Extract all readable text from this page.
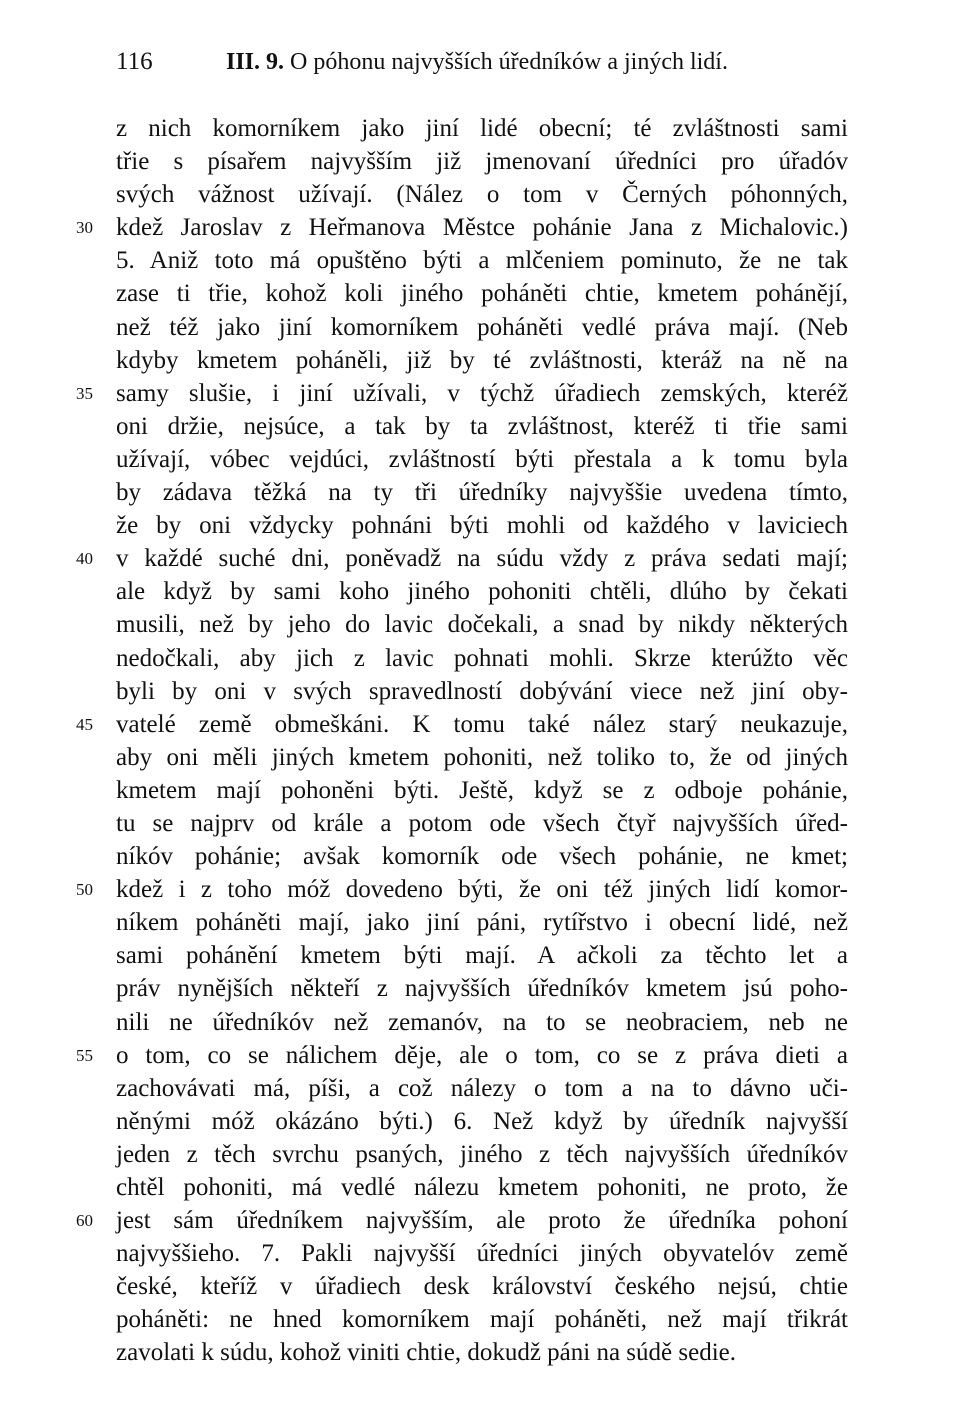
116	III. 9. O póhonu najvyšších úředníków a jiných lidí.
z nich komorníkem jako jiní lidé obecní; té zvláštnosti sami
třie s písařem najvyšším již jmenovaní úředníci pro úřadóv
svých vážnost užívají. (Nález o tom v Černých póhonných,
30 kdež Jaroslav z Heřmanova Městce pohánie Jana z Michalovic.)
5. Aniž toto má opuštěno býti a mlčeniem pominuto, že ne tak
zase ti třie, kohož koli jiného poháněti chtie, kmetem pohánějí,
než též jako jiní komorníkem poháněti vedlé práva mají. (Neb
kdyby kmetem poháněli, již by té zvláštnosti, kteráž na ně na
35 samy slušie, i jiní užívali, v týchž úřadiech zemských, kteréž
oni držie, nejsúce, a tak by ta zvláštnost, kteréž ti třie sami
užívají, vóbec vejdúci, zvláštností býti přestala a k tomu byla
by zádava těžká na ty tři úředníky najvyššie uvedena tímto,
že by oni vždycky pohnáni býti mohli od každého v laviciech
40 v každé suché dni, poněvadž na súdu vždy z práva sedati mají;
ale když by sami koho jiného pohoniti chtěli, dlúho by čekati
musili, než by jeho do lavic dočekali, a snad by nikdy některých
nedočkali, aby jich z lavic pohnati mohli. Skrze kterúžto věc
byli by oni v svých spravedlností dobývání viece než jiní oby-
45 vatelé země obmeškáni. K tomu také nález starý neukazuje,
aby oni měli jiných kmetem pohoniti, než toliko to, že od jiných
kmetem mají pohoněni býti. Ještě, když se z odboje pohánie,
tu se najprv od krále a potom ode všech čtyř najvyšších úřed-
níkóv pohánie; avšak komorník ode všech pohánie, ne kmet;
50 kdež i z toho móž dovedeno býti, že oni též jiných lidí komor-
níkem poháněti mají, jako jiní páni, rytířstvo i obecní lidé, než
sami pohánění kmetem býti mají. A ačkoli za těchto let a
práv nynějších někteří z najvyšších úředníkóv kmetem jsú poho-
nili ne úředníkóv než zemanóv, na to se neobraciem, neb ne
55 o tom, co se nálichem děje, ale o tom, co se z práva dieti a
zachovávati má, píši, a což nálezy o tom a na to dávno uči-
něnými móž okázáno býti.) 6. Než když by úředník najvyšší
jeden z těch svrchu psaných, jiného z těch najvyšších úředníkóv
chtěl pohoniti, má vedlé nálezu kmetem pohoniti, ne proto, že
60 jest sám úředníkem najvyšším, ale proto že úředníka pohoní
najvyššieho. 7. Pakli najvyšší úředníci jiných obyvatelóv země
české, kteříž v úřadiech desk království českého nejsú, chtie
poháněti: ne hned komorníkem mají poháněti, než mají třikrát
zavolati k súdu, kohož viniti chtie, dokudž páni na súdě sedie.
